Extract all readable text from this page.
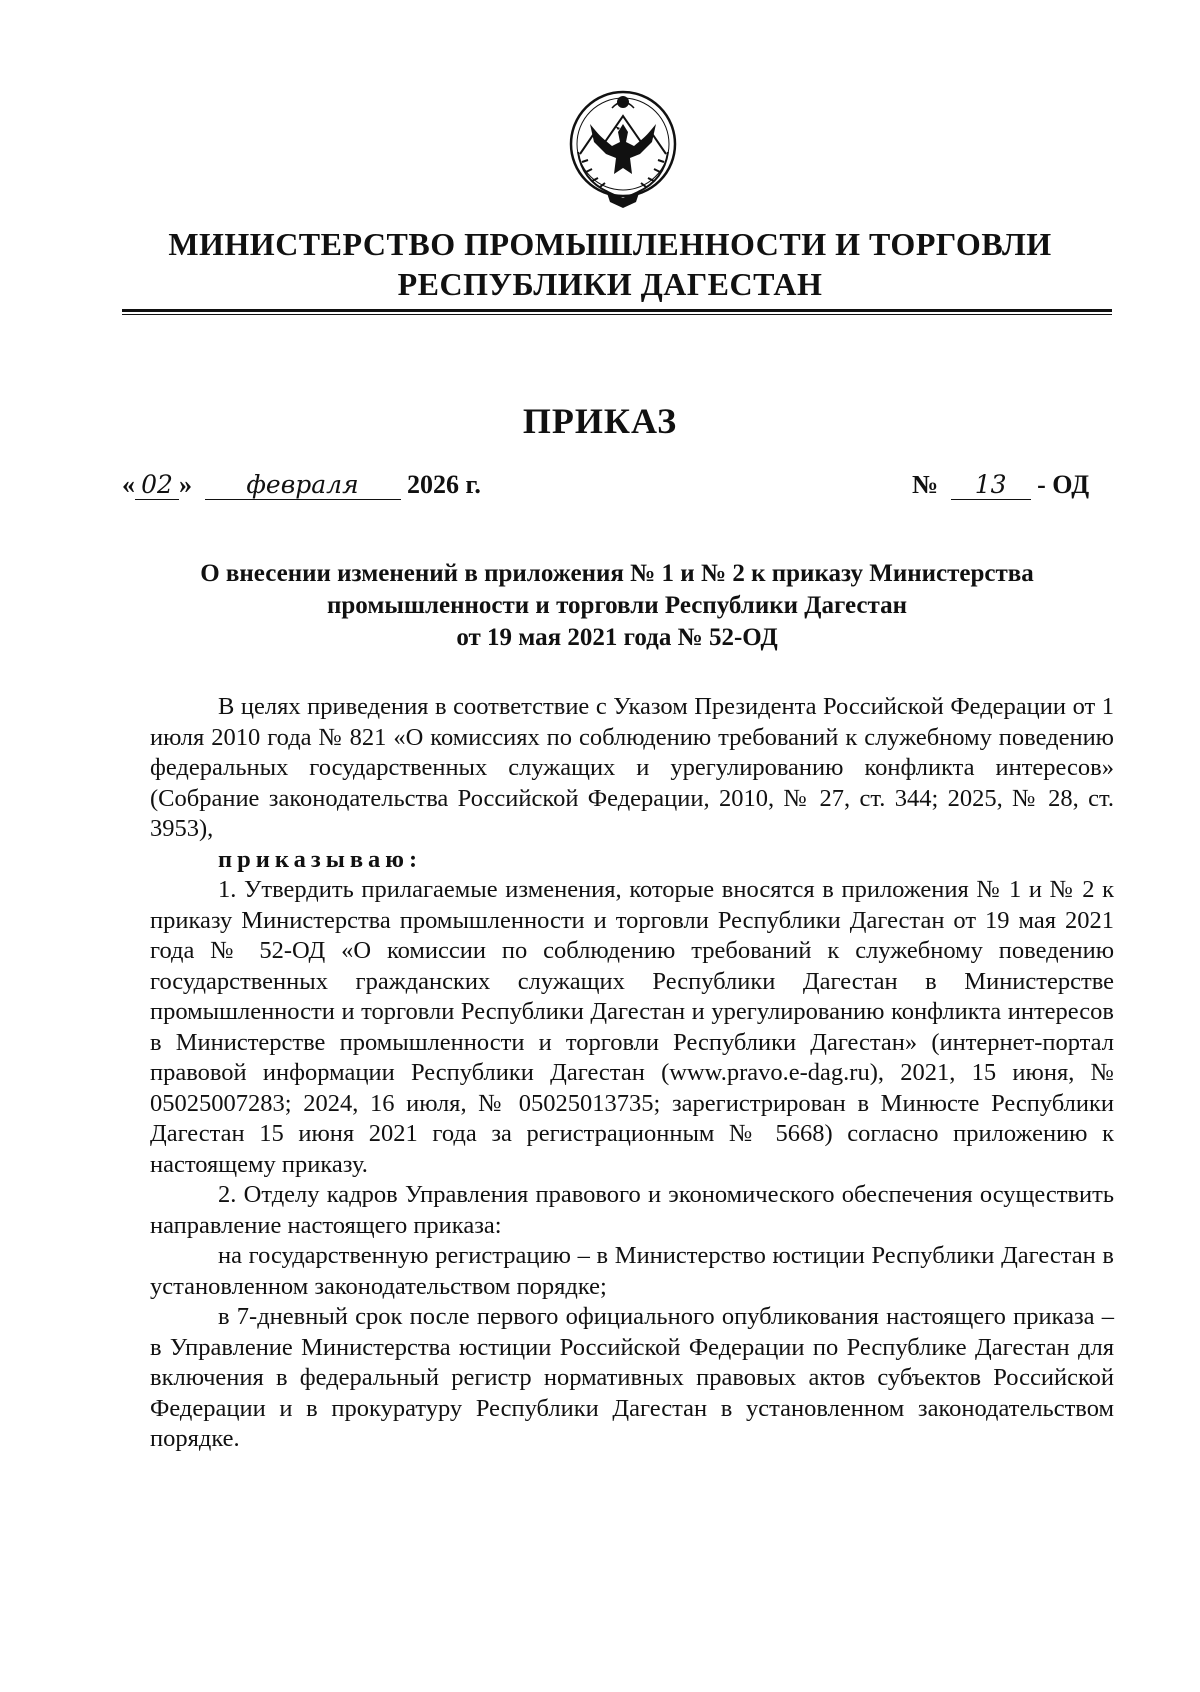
МИНИСТЕРСТВО ПРОМЫШЛЕННОСТИ И ТОРГОВЛИ
РЕСПУБЛИКИ ДАГЕСТАН
ПРИКАЗ
« 02 » февраля 2026 г.	№ 13 - ОД
О внесении изменений в приложения № 1 и № 2 к приказу Министерства
промышленности и торговли Республики Дагестан
от 19 мая 2021 года № 52-ОД

В целях приведения в соответствие с Указом Президента Российской Федерации от 1 июля 2010 года № 821 «О комиссиях по соблюдению требований к служебному поведению федеральных государственных служащих и урегулированию конфликта интересов» (Собрание законодательства Российской Федерации, 2010, № 27, ст. 344; 2025, № 28, ст. 3953),

приказываю:

1. Утвердить прилагаемые изменения, которые вносятся в приложения № 1 и № 2 к приказу Министерства промышленности и торговли Республики Дагестан от 19 мая 2021 года № 52-ОД «О комиссии по соблюдению требований к служебному поведению государственных гражданских служащих Республики Дагестан в Министерстве промышленности и торговли Республики Дагестан и урегулированию конфликта интересов в Министерстве промышленности и торговли Республики Дагестан» (интернет-портал правовой информации Республики Дагестан (www.pravo.e-dag.ru), 2021, 15 июня, № 05025007283; 2024, 16 июля, № 05025013735; зарегистрирован в Минюсте Республики Дагестан 15 июня 2021 года за регистрационным № 5668) согласно приложению к настоящему приказу.

2. Отделу кадров Управления правового и экономического обеспечения осуществить направление настоящего приказа:

на государственную регистрацию – в Министерство юстиции Республики Дагестан в установленном законодательством порядке;

в 7-дневный срок после первого официального опубликования настоящего приказа – в Управление Министерства юстиции Российской Федерации по Республике Дагестан для включения в федеральный регистр нормативных правовых актов субъектов Российской Федерации и в прокуратуру Республики Дагестан в установленном законодательством порядке.
